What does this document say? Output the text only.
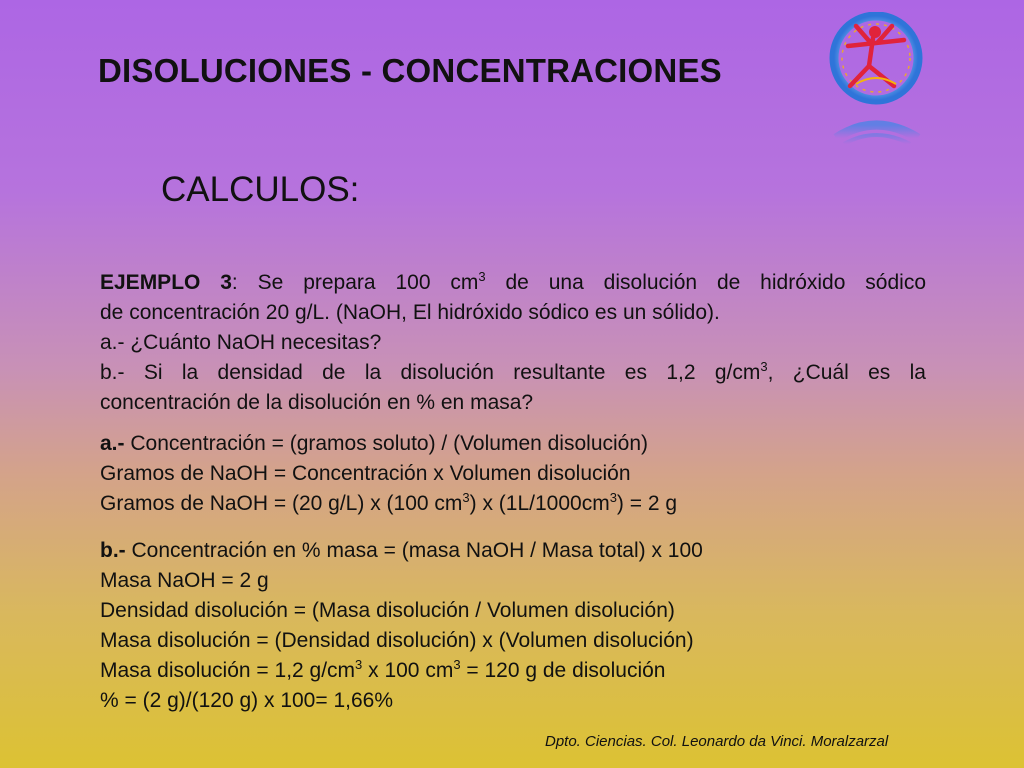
DISOLUCIONES - CONCENTRACIONES
CALCULOS:
EJEMPLO 3: Se prepara 100 $cm^3$ de una disolución de hidróxido sódico
de concentración 20 g/L. (NaOH, El hidróxido sódico es un sólido).
a.- ¿Cuánto NaOH necesitas?
b.- Si la densidad de la disolución resultante es 1,2 $g/cm^3$, ¿Cuál es la
concentración de la disolución en % en masa?
a.- Concentración = (gramos soluto) / (Volumen disolución)
Gramos de NaOH = Concentración x Volumen disolución
Gramos de NaOH = (20 g/L) x (100 $cm^3$) x $(1L/1000cm^3) = 2$ g
b.- Concentración en % masa = (masa NaOH / Masa total) x 100
Masa NaOH = 2 g
Densidad disolución = (Masa disolución / Volumen disolución)
Masa disolución = (Densidad disolución) x (Volumen disolución)
Masa disolución = 1,2 $g/cm^3$ x 100 $cm^3 = 120$ g de disolución
% = (2 g)/(120 g) x 100= 1,66%
Dpto. Ciencias. Col. Leonardo da Vinci. Moralzarzal
